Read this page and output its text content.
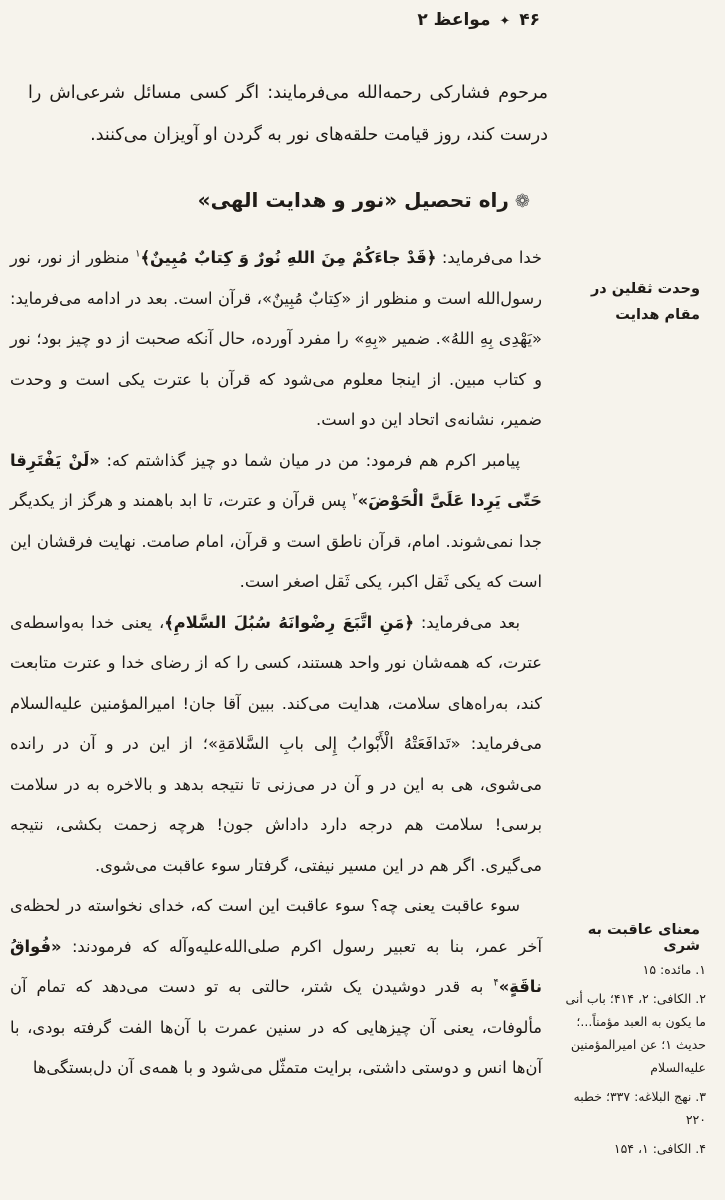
۴۶ ✦ مواعظ ۲
مرحوم فشارکی رحمه‌الله می‌فرمایند: اگر کسی مسائل شرعی‌اش را درست کند، روز قیامت حلقه‌های نور به گردن او آویزان می‌کنند.
❁راه تحصیل «نور و هدایت الهی»
وحدت ثقلین در مقام هدایت

خدا می‌فرماید: ﴿قَدْ جاءَکُمْ مِنَ اللهِ نُورٌ وَ کِتابٌ مُبِینٌ﴾$^۱$ منظور از نور، نور رسول‌الله است و منظور از «کِتابٌ مُبِینٌ»، قرآن است. بعد در ادامه می‌فرماید: «یَهْدِی بِهِ اللهُ». ضمیر «بِهِ» را مفرد آورده، حال آنکه صحبت از دو چیز بود؛ نور و کتاب مبین. از اینجا معلوم می‌شود که قرآن با عترت یکی است و وحدت ضمیر، نشانه‌ی اتحاد این دو است.

پیامبر اکرم هم فرمود: من در میان شما دو چیز گذاشتم که: «لَنْ یَفْتَرِقا حَتّی یَرِدا عَلَیَّ الْحَوْضَ»$^۲$ پس قرآن و عترت، تا ابد باهمند و هرگز از یکدیگر جدا نمی‌شوند. امام، قرآن ناطق است و قرآن، امام صامت. نهایت فرقشان این است که یکی ثَقل اکبر، یکی ثَقل اصغر است.

بعد می‌فرماید: ﴿مَنِ اتَّبَعَ رِضْوانَهُ سُبُلَ السَّلامِ﴾، یعنی خدا به‌واسطه‌ی عترت، که همه‌شان نور واحد هستند، کسی را که از رضای خدا و عترت متابعت کند، به‌راه‌های سلامت، هدایت می‌کند. ببین آقا جان! امیرالمؤمنین علیه‌السلام می‌فرماید: «تَدافَعَتْهُ الْأَبْوابُ إِلى بابِ السَّلامَةِ»؛ از این در و آن در رانده می‌شوی، هی به این در و آن در می‌زنی تا نتیجه بدهد و بالاخره به در سلامت برسی! سلامت هم درجه دارد داداش جون! هرچه زحمت بکشی، نتیجه می‌گیری. اگر هم در این مسیر نیفتی، گرفتار سوء عاقبت می‌شوی.

سوء عاقبت یعنی چه؟ سوء عاقبت این است که، خدای نخواسته در لحظه‌ی آخر عمر، بنا به تعبیر رسول اکرم صلی‌الله‌علیه‌وآله که فرمودند: «فُواقُ ناقَةٍ»$^۴$ به قدر دوشیدن یک شتر، حالتی به تو دست می‌دهد که تمام آن مألوفات، یعنی آن چیزهایی که در سنین عمرت با آن‌ها الفت گرفته بودی، با آن‌ها انس و دوستی داشتی، برایت متمثّل می‌شود و با همه‌ی آن دل‌بستگی‌ها

معنای عاقبت به شری
۱. مائده: ۱۵
۲. الکافی: ۲، ۴۱۴؛ باب أنی ما یکون به العبد مؤمناً...؛ حدیث ۱؛ عن امیرالمؤمنین علیه‌السلام
۳. نهج البلاغه: ۳۳۷؛ خطبه ۲۲۰
۴. الکافی: ۱، ۱۵۴
